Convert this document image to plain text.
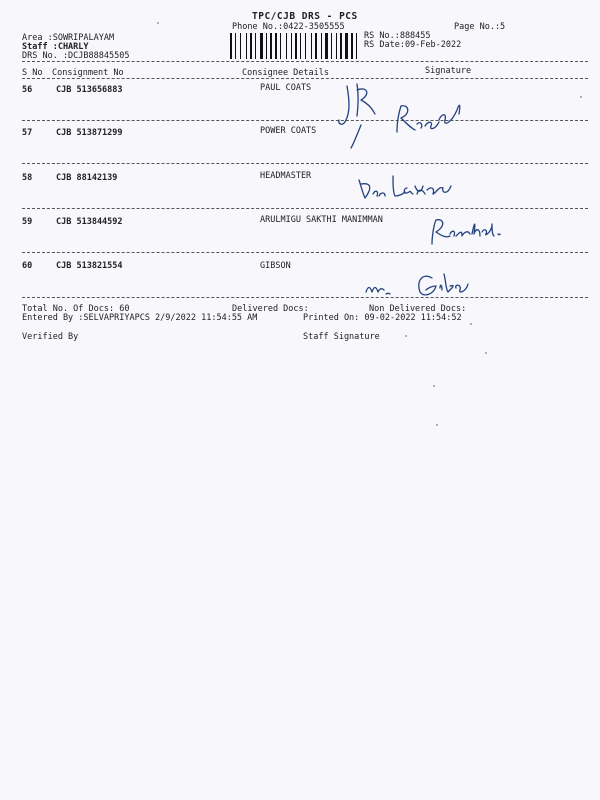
TPC/CJB DRS - PCS
Phone No.:0422-3505555	Page No.:5
Area :SOWRIPALAYAM
Staff :CHARLY
DRS No. :DCJB88845505
RS No.:888455
RS Date:09-Feb-2022
S No Consignment No	Consignee Details	Signature
56	CJB 513656883	PAUL COATS
57	CJB 513871299	POWER COATS
58	CJB 88142139	HEADMASTER
59	CJB 513844592	ARULMIGU SAKTHI MANIMMAN
60	CJB 513821554	GIBSON
Total No. Of Docs: 60	Delivered Docs:	Non Delivered Docs:
Entered By :SELVAPRIYAPCS 2/9/2022 11:54:55 AM	Printed On: 09-02-2022 11:54:52
Verified By	Staff Signature
